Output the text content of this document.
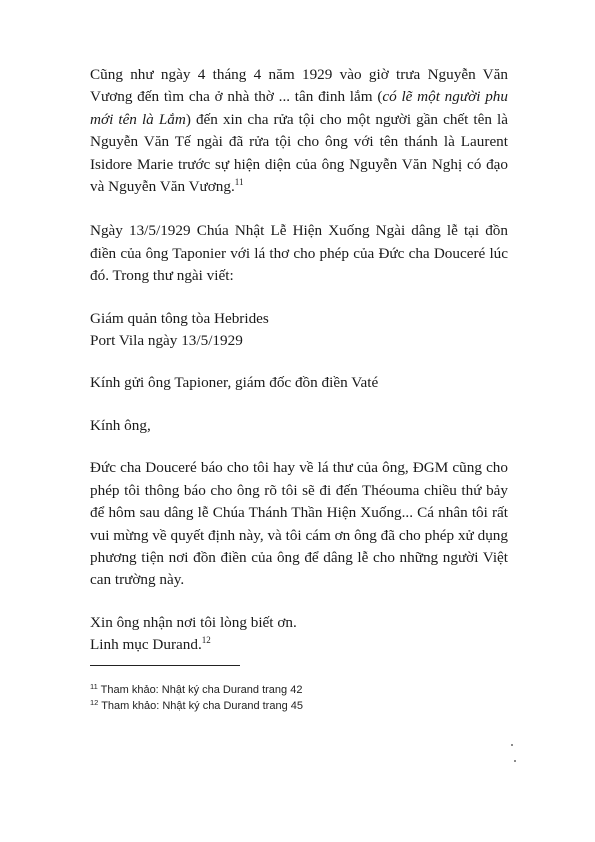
Cũng như ngày 4 tháng 4 năm 1929 vào giờ trưa Nguyễn Văn Vương đến tìm cha ở nhà thờ ... tân đinh lắm (có lẽ một người phu mới tên là Lắm) đến xin cha rửa tội cho một người gần chết tên là Nguyễn Văn Tế ngài đã rửa tội cho ông với tên thánh là Laurent Isidore Marie trước sự hiện diện của ông Nguyễn Văn Nghị có đạo và Nguyễn Văn Vương.$^{11}$

Ngày 13/5/1929 Chúa Nhật Lễ Hiện Xuống Ngài dâng lễ tại đồn điền của ông Taponier với lá thơ cho phép của Đức cha Douceré lúc đó. Trong thư ngài viết:

Giám quản tông tòa Hebrides
Port Vila ngày 13/5/1929

Kính gửi ông Tapioner, giám đốc đồn điền Vaté

Kính ông,

Đức cha Douceré báo cho tôi hay về lá thư của ông, ĐGM cũng cho phép tôi thông báo cho ông rõ tôi sẽ đi đến Théouma chiều thứ bảy để hôm sau dâng lễ Chúa Thánh Thần Hiện Xuống... Cá nhân tôi rất vui mừng về quyết định này, và tôi cám ơn ông đã cho phép xử dụng phương tiện nơi đồn điền của ông để dâng lễ cho những người Việt can trường này.

Xin ông nhận nơi tôi lòng biết ơn.
Linh mục Durand.$^{12}$

$^{11}$ Tham khảo: Nhật ký cha Durand trang 42
$^{12}$ Tham khảo: Nhật ký cha Durand trang 45
